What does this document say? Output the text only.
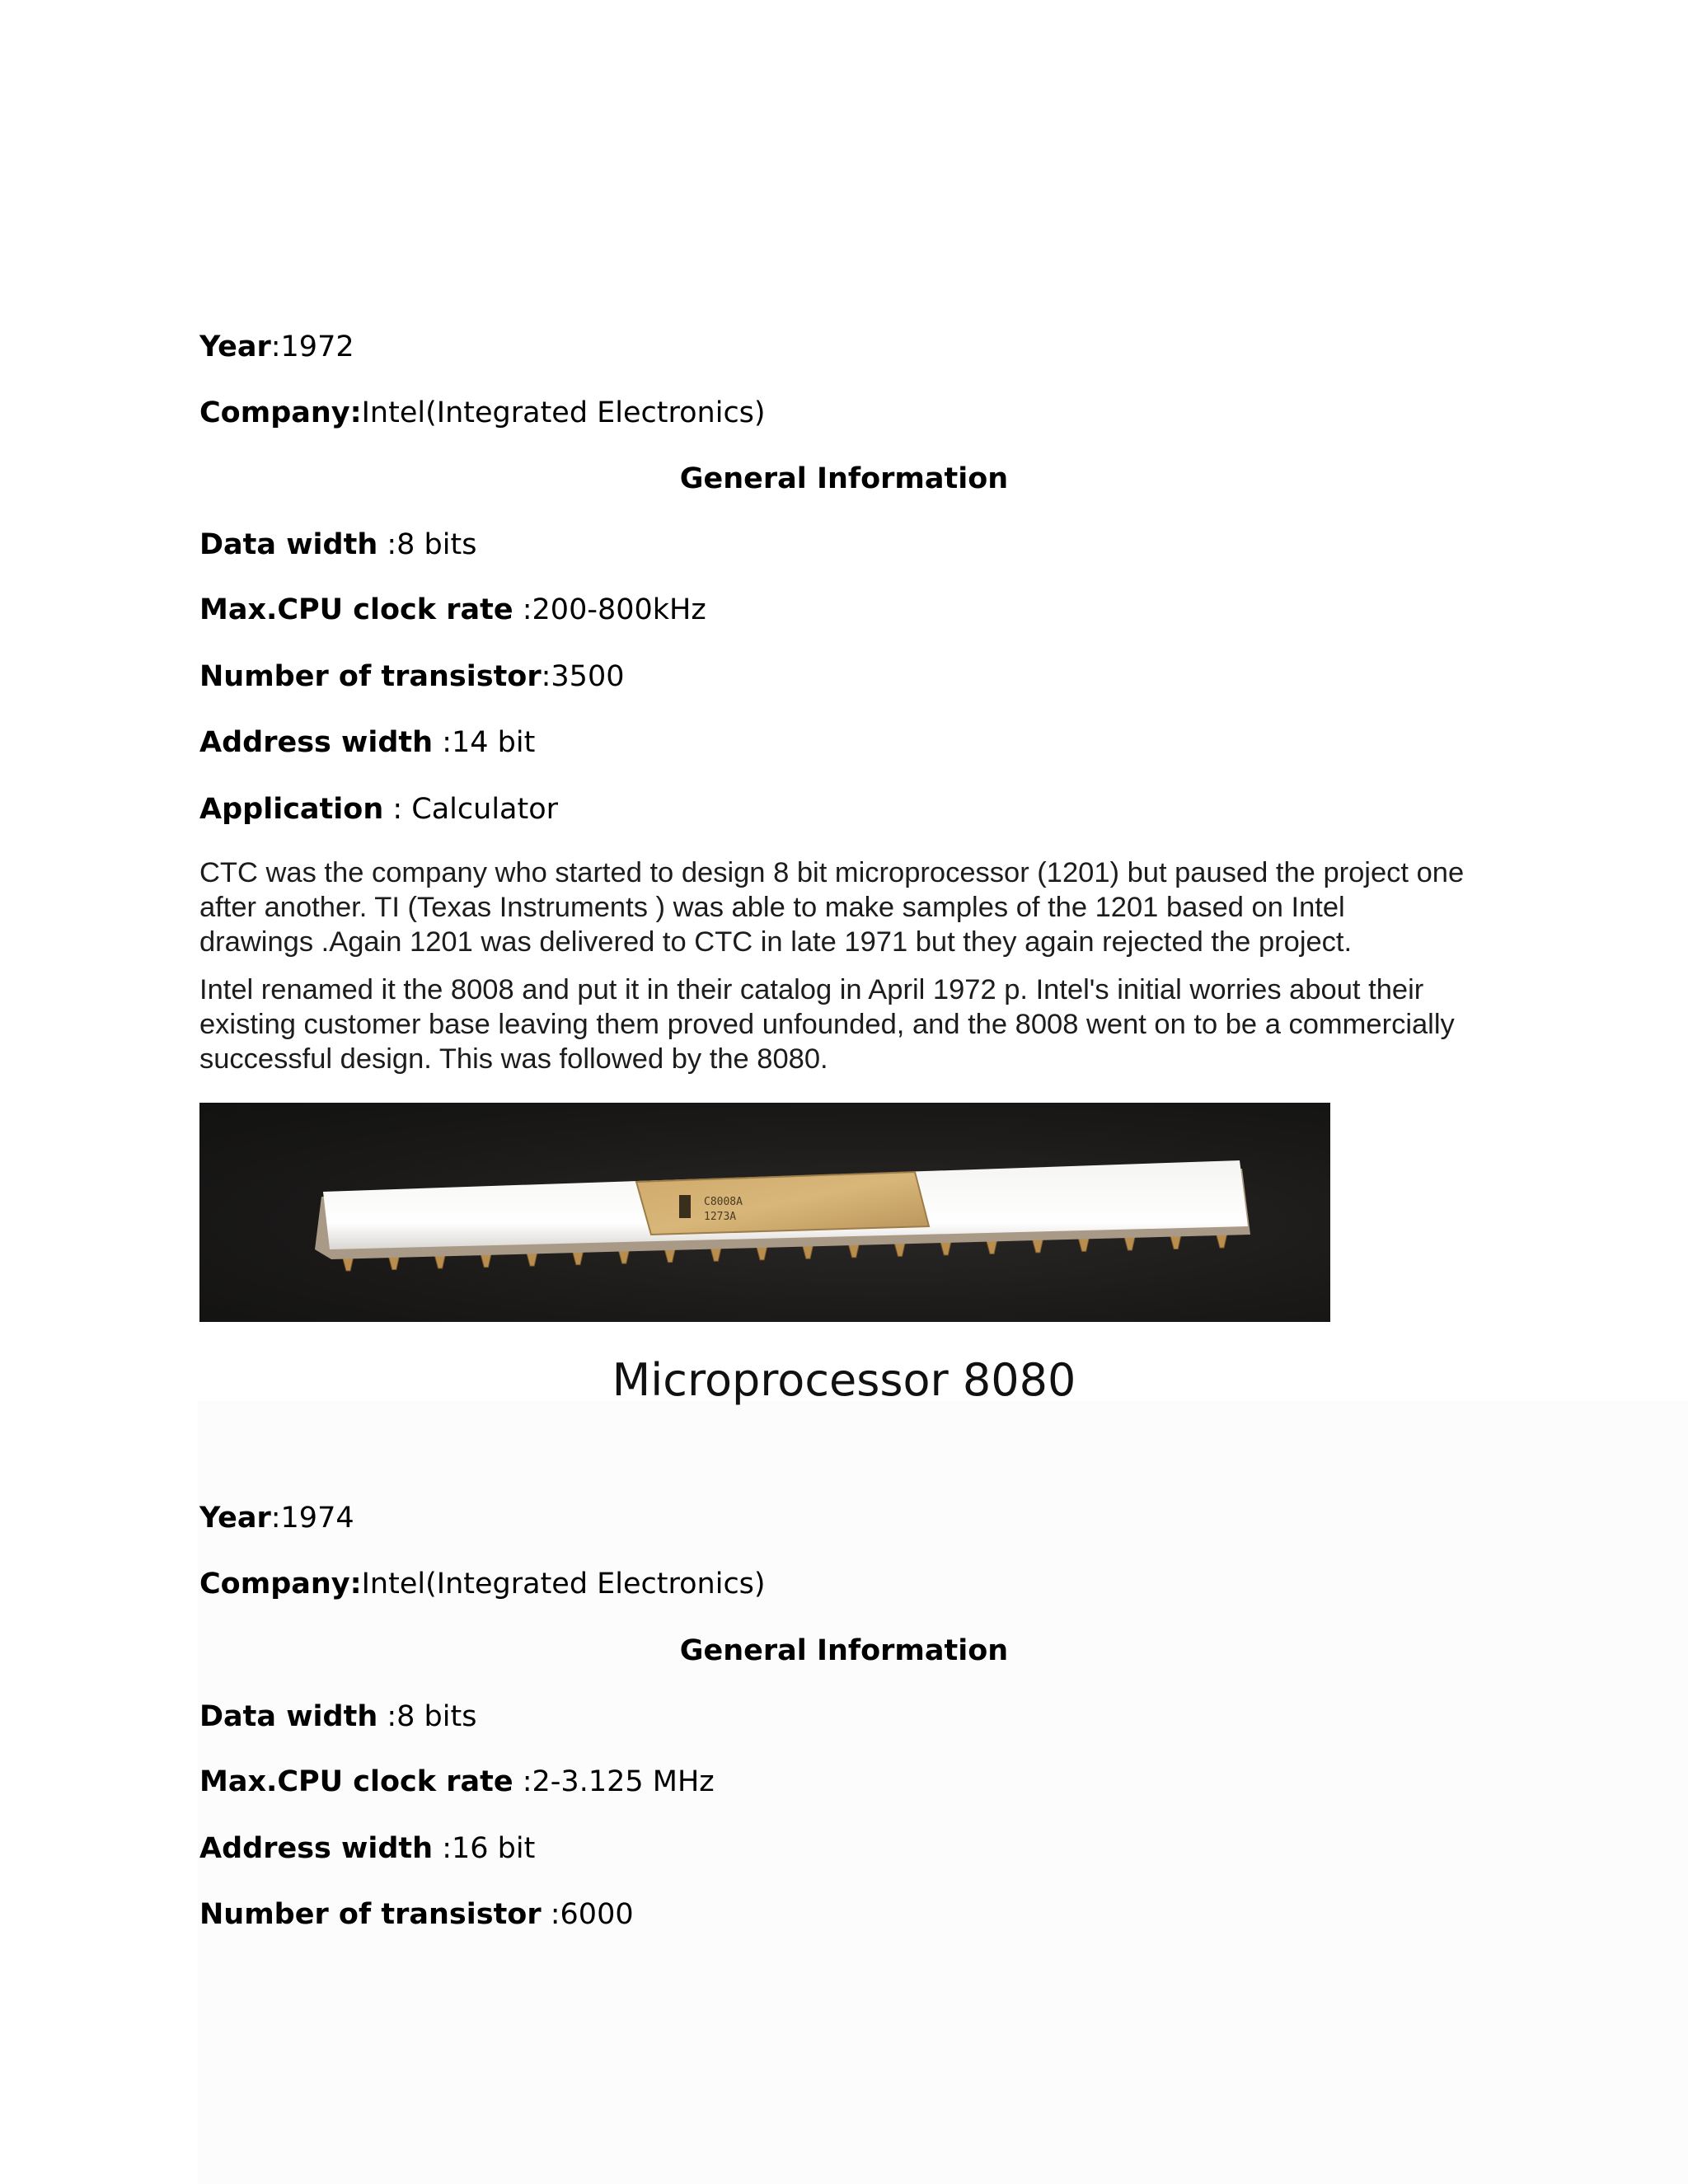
Year:1972
Company:Intel(Integrated Electronics)
General Information
Data width :8 bits
Max.CPU clock rate :200-800kHz
Number of transistor:3500
Address width :14 bit
Application : Calculator
CTC was the company who started to design 8 bit microprocessor (1201) but paused the project one
after another. TI (Texas Instruments ) was able to make samples of the 1201 based on Intel
drawings .Again 1201 was delivered to CTC in late 1971 but they again rejected the project.
Intel renamed it the 8008 and put it in their catalog in April 1972 p. Intel's initial worries about their
existing customer base leaving them proved unfounded, and the 8008 went on to be a commercially
successful design. This was followed by the 8080.
C8008A
1273A
Microprocessor 8080
Year:1974
Company:Intel(Integrated Electronics)
General Information
Data width :8 bits
Max.CPU clock rate :2-3.125 MHz
Address width :16 bit
Number of transistor :6000
